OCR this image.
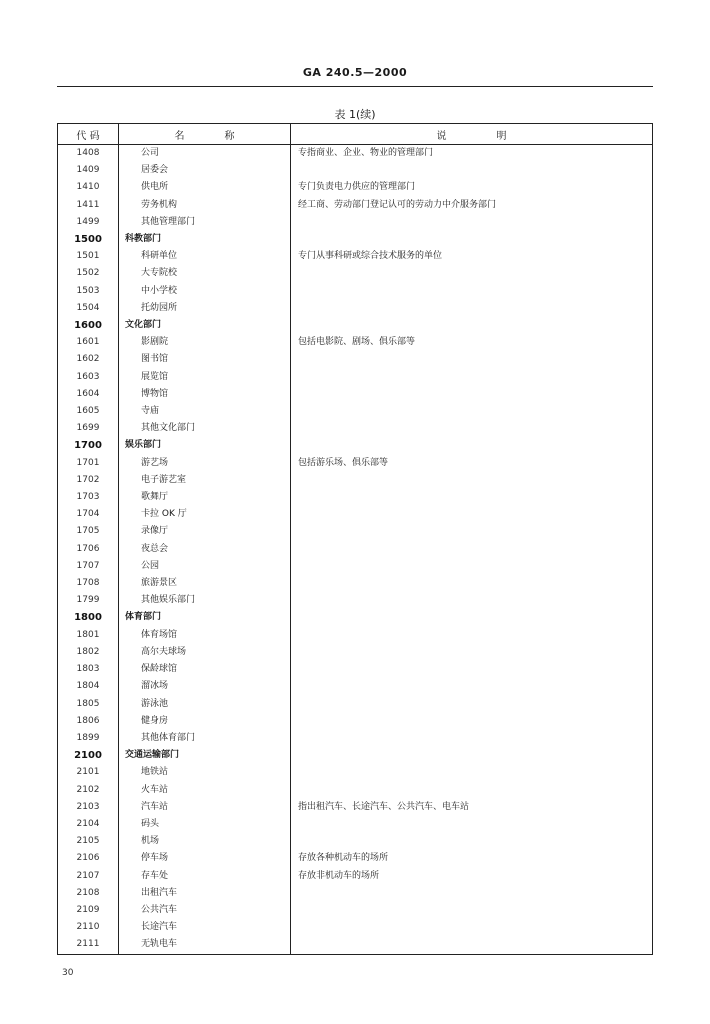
GA 240.5—2000
表 1(续)
代 码	名 称	说 明
1408	公司	专指商业、企业、物业的管理部门
1409	居委会	
1410	供电所	专门负责电力供应的管理部门
1411	劳务机构	经工商、劳动部门登记认可的劳动力中介服务部门
1499	其他管理部门	
1500	科教部门	
1501	科研单位	专门从事科研或综合技术服务的单位
1502	大专院校	
1503	中小学校	
1504	托幼园所	
1600	文化部门	
1601	影剧院	包括电影院、剧场、俱乐部等
1602	图书馆	
1603	展览馆	
1604	博物馆	
1605	寺庙	
1699	其他文化部门	
1700	娱乐部门	
1701	游艺场	包括游乐场、俱乐部等
1702	电子游艺室	
1703	歌舞厅	
1704	卡拉 OK 厅	
1705	录像厅	
1706	夜总会	
1707	公园	
1708	旅游景区	
1799	其他娱乐部门	
1800	体育部门	
1801	体育场馆	
1802	高尔夫球场	
1803	保龄球馆	
1804	溜冰场	
1805	游泳池	
1806	健身房	
1899	其他体育部门	
2100	交通运输部门	
2101	地铁站	
2102	火车站	
2103	汽车站	指出租汽车、长途汽车、公共汽车、电车站
2104	码头	
2105	机场	
2106	停车场	存放各种机动车的场所
2107	存车处	存放非机动车的场所
2108	出租汽车	
2109	公共汽车	
2110	长途汽车	
2111	无轨电车	
30
